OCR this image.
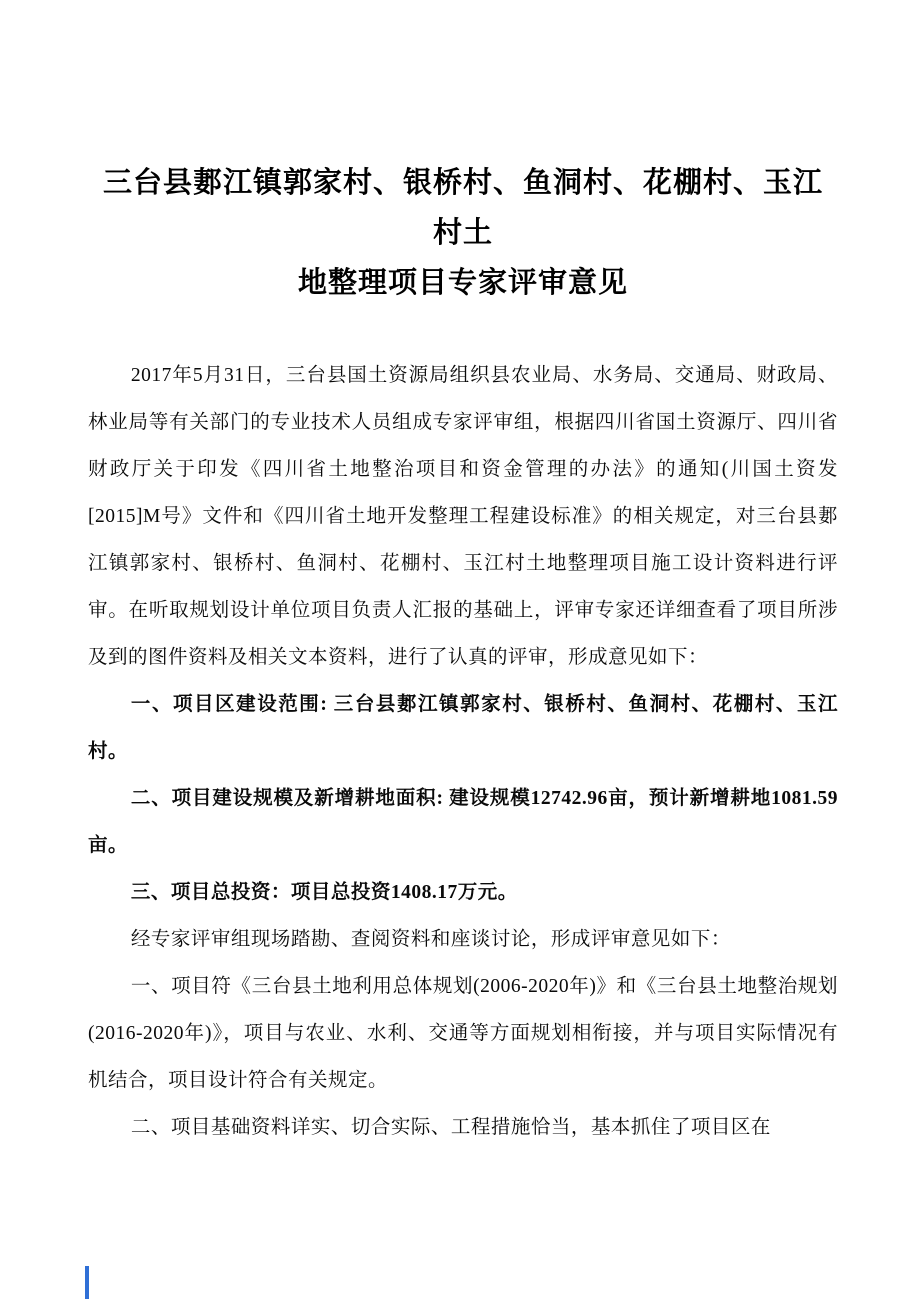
三台县郪江镇郭家村、银桥村、鱼洞村、花棚村、玉江村土
地整理项目专家评审意见

2017年5月31日，三台县国土资源局组织县农业局、水务局、交通局、财政局、林业局等有关部门的专业技术人员组成专家评审组，根据四川省国土资源厅、四川省财政厅关于印发《四川省土地整治项目和资金管理的办法》的通知(川国土资发[2015]M号》文件和《四川省土地开发整理工程建设标准》的相关规定，对三台县郪江镇郭家村、银桥村、鱼洞村、花棚村、玉江村土地整理项目施工设计资料进行评审。在听取规划设计单位项目负责人汇报的基础上，评审专家还详细查看了项目所涉及到的图件资料及相关文本资料，进行了认真的评审，形成意见如下：

一、项目区建设范围: 三台县郪江镇郭家村、银桥村、鱼洞村、花棚村、玉江村。

二、项目建设规模及新增耕地面积: 建设规模12742.96亩，预计新增耕地1081.59亩。

三、项目总投资：项目总投资1408.17万元。

经专家评审组现场踏勘、查阅资料和座谈讨论，形成评审意见如下：

一、项目符《三台县土地利用总体规划(2006-2020年)》和《三台县土地整治规划(2016-2020年)》，项目与农业、水利、交通等方面规划相衔接，并与项目实际情况有机结合，项目设计符合有关规定。

二、项目基础资料详实、切合实际、工程措施恰当，基本抓住了项目区在
